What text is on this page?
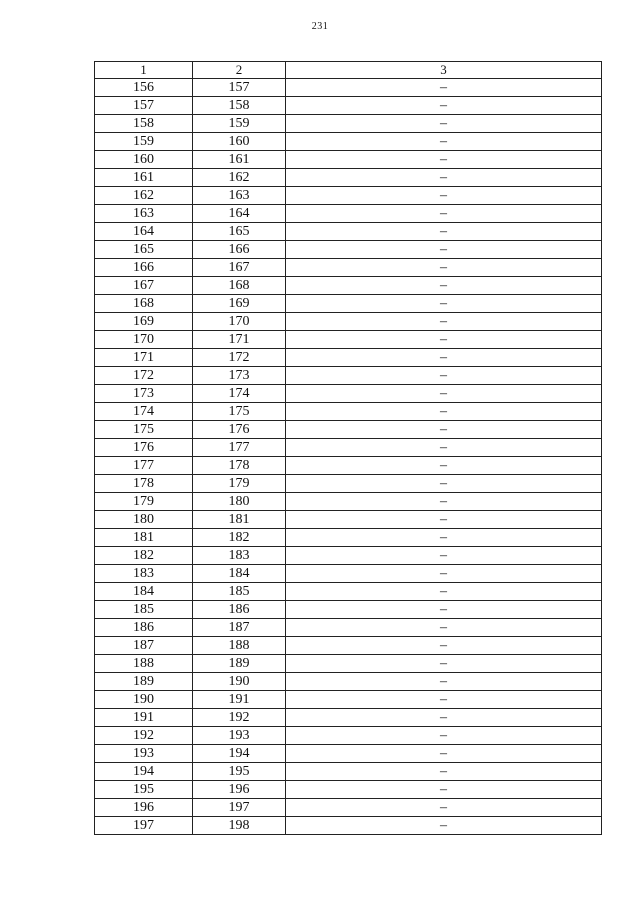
231
1	2	3
156	157	–
157	158	–
158	159	–
159	160	–
160	161	–
161	162	–
162	163	–
163	164	–
164	165	–
165	166	–
166	167	–
167	168	–
168	169	–
169	170	–
170	171	–
171	172	–
172	173	–
173	174	–
174	175	–
175	176	–
176	177	–
177	178	–
178	179	–
179	180	–
180	181	–
181	182	–
182	183	–
183	184	–
184	185	–
185	186	–
186	187	–
187	188	–
188	189	–
189	190	–
190	191	–
191	192	–
192	193	–
193	194	–
194	195	–
195	196	–
196	197	–
197	198	–
